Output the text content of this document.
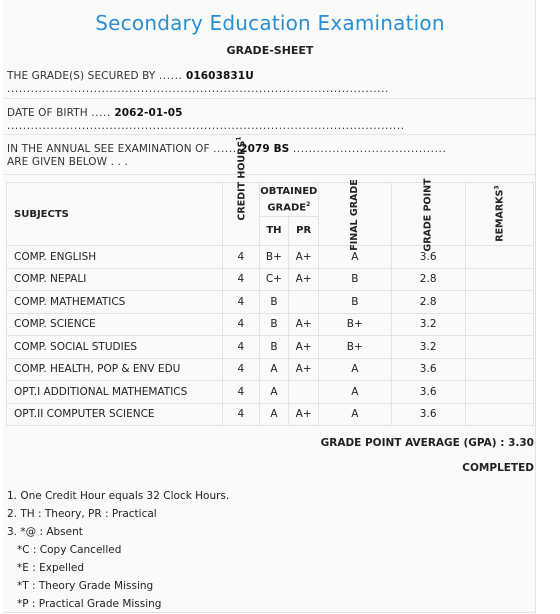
Secondary Education Examination
GRADE-SHEET
THE GRADE(S) SECURED BY ...... 01603831U .................................................................................................
DATE OF BIRTH ..... 2062-01-05 .....................................................................................................
IN THE ANNUAL SEE EXAMINATION OF ...... 2079 BS .......................................
ARE GIVEN BELOW . . .
SUBJECTS	CREDIT HOURS$^1$	OBTAINED GRADE$^2$		FINAL GRADE	GRADE POINT	REMARKS$^3$
		TH	PR			
COMP. ENGLISH	4	B+	A+	A	3.6	
COMP. NEPALI	4	C+	A+	B	2.8	
COMP. MATHEMATICS	4	B		B	2.8	
COMP. SCIENCE	4	B	A+	B+	3.2	
COMP. SOCIAL STUDIES	4	B	A+	B+	3.2	
COMP. HEALTH, POP & ENV EDU	4	A	A+	A	3.6	
OPT.I ADDITIONAL MATHEMATICS	4	A		A	3.6	
OPT.II COMPUTER SCIENCE	4	A	A+	A	3.6	
GRADE POINT AVERAGE (GPA) : 3.30
COMPLETED
1. One Credit Hour equals 32 Clock Hours.
2. TH : Theory, PR : Practical
3. *@ : Absent
*C : Copy Cancelled
*E : Expelled
*T : Theory Grade Missing
*P : Practical Grade Missing
